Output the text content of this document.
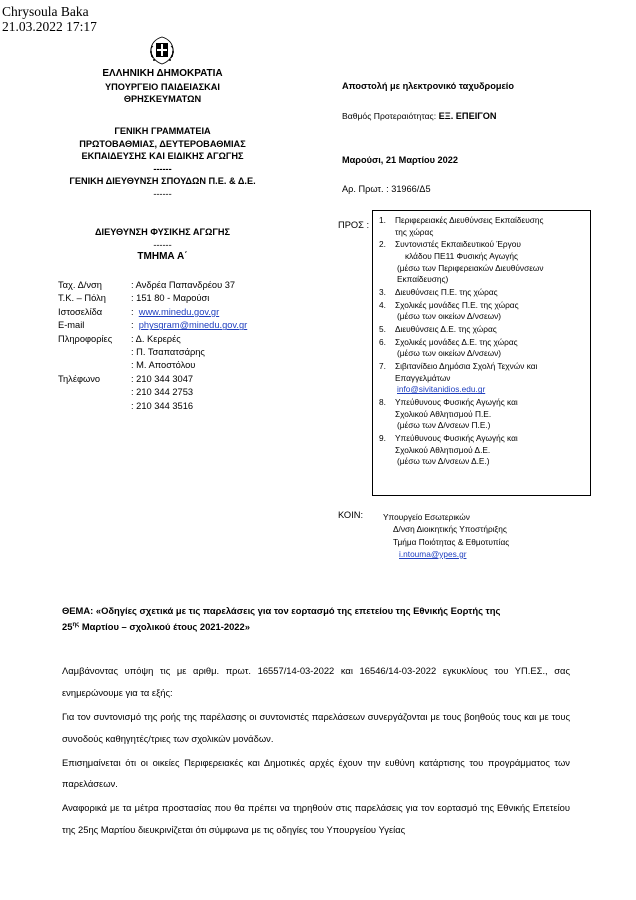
Chrysoula Baka
21.03.2022 17:17
ΕΛΛΗΝΙΚΗ ΔΗΜΟΚΡΑΤΙΑ
ΥΠΟΥΡΓΕΙΟ ΠΑΙΔΕΙΑΣΚΑΙ
ΘΡΗΣΚΕΥΜΑΤΩΝ
ΓΕΝΙΚΗ ΓΡΑΜΜΑΤΕΙΑ
ΠΡΩΤΟΒΑΘΜΙΑΣ, ΔΕΥΤΕΡΟΒΑΘΜΙΑΣ
ΕΚΠΑΙΔΕΥΣΗΣ ΚΑΙ ΕΙΔΙΚΗΣ ΑΓΩΓΗΣ
------
ΓΕΝΙΚΗ ΔΙΕΥΘΥΝΣΗ ΣΠΟΥΔΩΝ Π.Ε. & Δ.Ε.
------
ΔΙΕΥΘΥΝΣΗ ΦΥΣΙΚΗΣ ΑΓΩΓΗΣ
------
ΤΜΗΜΑ Α΄
Ταχ. Δ/νση	: Ανδρέα Παπανδρέου 37
Τ.Κ. – Πόλη	: 151 80 - Μαρούσι
Ιστοσελίδα	:  www.minedu.gov.gr
E-mail	:  physgram@minedu.gov.gr
Πληροφορίες	: Δ. Κερερές
: Π. Τσαπατσάρης
: Μ. Αποστόλου
Τηλέφωνο	: 210 344 3047
: 210 344 2753
: 210 344 3516
Αποστολή με ηλεκτρονικό ταχυδρομείο
Βαθμός Προτεραιότητας: ΕΞ. ΕΠΕΙΓΟΝ
Μαρούσι, 21 Μαρτίου 2022
Αρ. Πρωτ. : 31966/Δ5
ΠΡΟΣ : 1.	Περιφερειακές Διευθύνσεις Εκπαίδευσης
της χώρας
2.	Συντονιστές Εκπαιδευτικού Έργου
κλάδου ΠΕ11 Φυσικής Αγωγής
(μέσω των Περιφερειακών Διευθύνσεων
Εκπαίδευσης)
3.	Διευθύνσεις Π.Ε. της χώρας
4.	Σχολικές μονάδες Π.Ε. της χώρας
(μέσω των οικείων Δ/νσεων)
5.	Διευθύνσεις Δ.Ε. της χώρας
6.	Σχολικές μονάδες Δ.Ε. της χώρας
(μέσω των οικείων Δ/νσεων)
7.	Σιβιτανίδειο Δημόσια Σχολή Τεχνών και
Επαγγελμάτων
info@sivitanidios.edu.gr
8.	Υπεύθυνους Φυσικής Αγωγής και
Σχολικού Αθλητισμού Π.Ε.
(μέσω των Δ/νσεων Π.Ε.)
9.	Υπεύθυνους Φυσικής Αγωγής και
Σχολικού Αθλητισμού Δ.Ε.
(μέσω των Δ/νσεων Δ.Ε.)
ΚΟΙΝ: Υπουργείο Εσωτερικών
Δ/νση Διοικητικής Υποστήριξης
Τμήμα Ποιότητας & Εθμοτυπίας
i.ntouma@ypes.gr
ΘΕΜΑ: «Οδηγίες σχετικά με τις παρελάσεις για τον εορτασμό της επετείου της Εθνικής Εορτής της
$25^{\eta\varsigma}$ Μαρτίου – σχολικού έτους 2021-2022»

Λαμβάνοντας υπόψη τις με αριθμ. πρωτ. 16557/14-03-2022 και 16546/14-03-2022 εγκυκλίους του ΥΠ.ΕΣ., σας ενημερώνουμε για τα εξής:

Για τον συντονισμό της ροής της παρέλασης οι συντονιστές παρελάσεων συνεργάζονται με τους βοηθούς τους και με τους συνοδούς καθηγητές/τριες των σχολικών μονάδων.

Επισημαίνεται ότι οι οικείες Περιφερειακές και Δημοτικές αρχές έχουν την ευθύνη κατάρτισης του προγράμματος των παρελάσεων.

Αναφορικά με τα μέτρα προστασίας που θα πρέπει να τηρηθούν στις παρελάσεις για τον εορτασμό της Εθνικής Επετείου της 25ης Μαρτίου διευκρινίζεται ότι σύμφωνα με τις οδηγίες του Υπουργείου Υγείας
